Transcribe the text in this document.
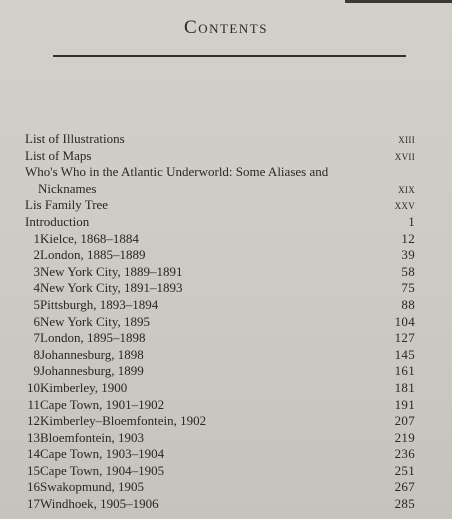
Contents
List of Illustrations	xiii
List of Maps	xvii
Who's Who in the Atlantic Underworld: Some Aliases and
Nicknames	xix
Lis Family Tree	xxv
Introduction	1
1 Kielce, 1868–1884	12
2 London, 1885–1889	39
3 New York City, 1889–1891	58
4 New York City, 1891–1893	75
5 Pittsburgh, 1893–1894	88
6 New York City, 1895	104
7 London, 1895–1898	127
8 Johannesburg, 1898	145
9 Johannesburg, 1899	161
10 Kimberley, 1900	181
11 Cape Town, 1901–1902	191
12 Kimberley–Bloemfontein, 1902	207
13 Bloemfontein, 1903	219
14 Cape Town, 1903–1904	236
15 Cape Town, 1904–1905	251
16 Swakopmund, 1905	267
17 Windhoek, 1905–1906	285
